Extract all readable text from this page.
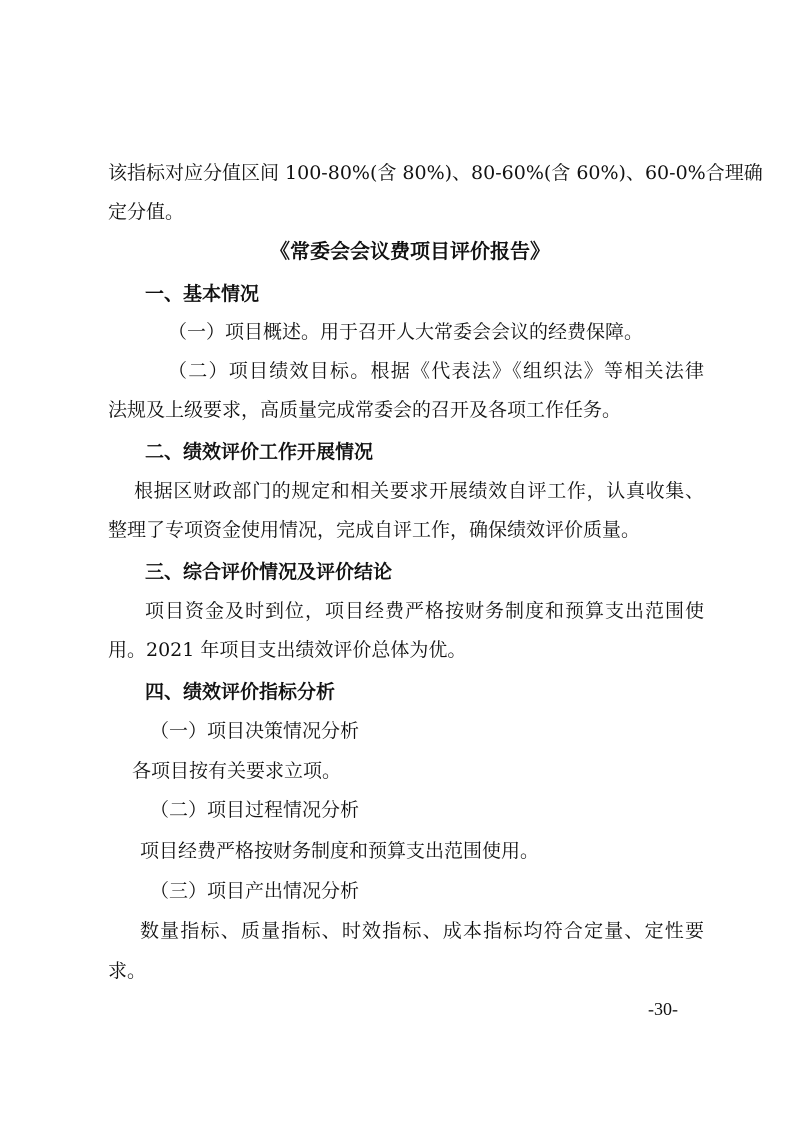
该指标对应分值区间 100-80%(含 80%)、80-60%(含 60%)、60-0%合理确

定分值。

《常委会会议费项目评价报告》

一、基本情况

（一）项目概述。用于召开人大常委会会议的经费保障。

（二）项目绩效目标。根据《代表法》《组织法》等相关法律

法规及上级要求，高质量完成常委会的召开及各项工作任务。

二、绩效评价工作开展情况

根据区财政部门的规定和相关要求开展绩效自评工作，认真收集、

整理了专项资金使用情况，完成自评工作，确保绩效评价质量。

三、综合评价情况及评价结论

项目资金及时到位，项目经费严格按财务制度和预算支出范围使

用。2021 年项目支出绩效评价总体为优。

四、绩效评价指标分析

（一）项目决策情况分析

各项目按有关要求立项。

（二）项目过程情况分析

项目经费严格按财务制度和预算支出范围使用。

（三）项目产出情况分析

数量指标、质量指标、时效指标、成本指标均符合定量、定性要

求。

-30-
